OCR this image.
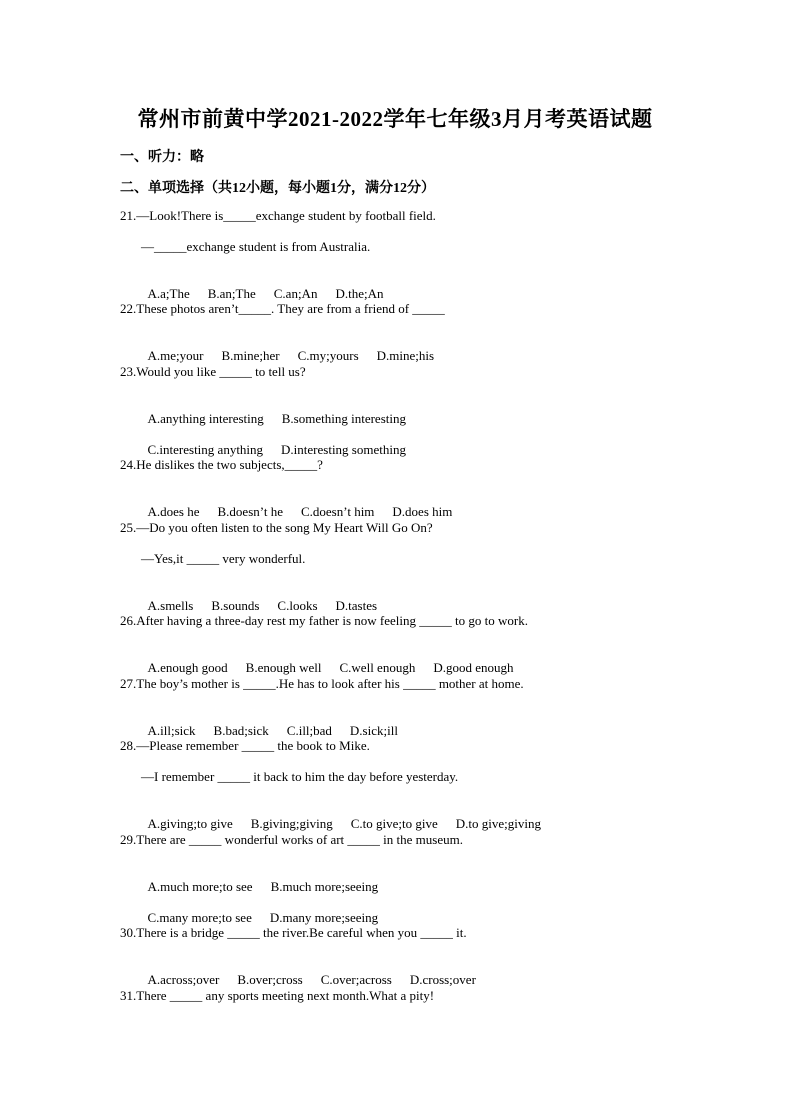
常州市前黄中学2021-2022学年七年级3月月考英语试题
一、听力：略
二、单项选择（共12小题，每小题1分，满分12分）
21.—Look!There is_____exchange student by football field.
—_____exchange student is from Australia.

A.a;The B.an;The C.an;An D.the;An

22.These photos aren’t_____. They are from a friend of _____

A.me;your B.mine;her C.my;yours D.mine;his

23.Would you like _____ to tell us?

A.anything interesting B.something interesting

C.interesting anything D.interesting something

24.He dislikes the two subjects,_____?

A.does he B.doesn’t he C.doesn’t him D.does him

25.—Do you often listen to the song My Heart Will Go On?
—Yes,it _____ very wonderful.

A.smells B.sounds C.looks D.tastes

26.After having a three-day rest my father is now feeling _____ to go to work.

A.enough good B.enough well C.well enough D.good enough

27.The boy’s mother is _____.He has to look after his _____ mother at home.

A.ill;sick B.bad;sick C.ill;bad D.sick;ill

28.—Please remember _____ the book to Mike.
—I remember _____ it back to him the day before yesterday.

A.giving;to give B.giving;giving C.to give;to give D.to give;giving

29.There are _____ wonderful works of art _____ in the museum.

A.much more;to see B.much more;seeing

C.many more;to see D.many more;seeing

30.There is a bridge _____ the river.Be careful when you _____ it.

A.across;over B.over;cross C.over;across D.cross;over

31.There _____ any sports meeting next month.What a pity!
